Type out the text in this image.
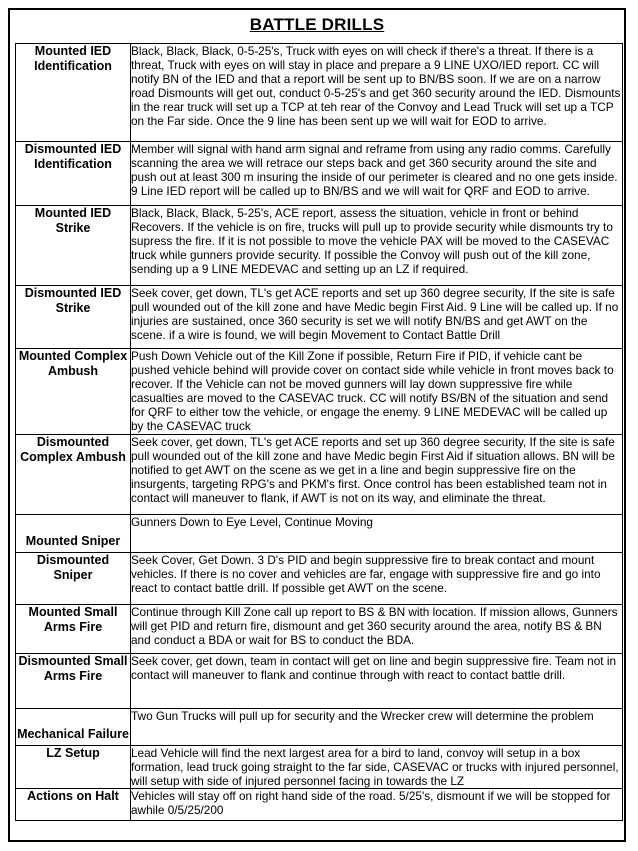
BATTLE DRILLS
Mounted IED Identification	Black, Black, Black, 0-5-25's, Truck with eyes on will check if there's a threat. If there is a threat, Truck with eyes on will stay in place and prepare a 9 LINE UXO/IED report. CC will notify BN of the IED and that a report will be sent up to BN/BS soon. If we are on a narrow road Dismounts will get out, conduct 0-5-25's and get 360 security around the IED. Dismounts in the rear truck will set up a TCP at teh rear of the Convoy and Lead Truck will set up a TCP on the Far side. Once the 9 line has been sent up we will wait for EOD to arrive.
Dismounted IED Identification	Member will signal with hand arm signal and reframe from using any radio comms. Carefully scanning the area we will retrace our steps back and get 360 security around the site and push out at least 300 m insuring the inside of our perimeter is cleared and no one gets inside. 9 Line IED report will be called up to BN/BS and we will wait for QRF and EOD to arrive.
Mounted IED Strike	Black, Black, Black, 5-25's, ACE report, assess the situation, vehicle in front or behind Recovers. If the vehicle is on fire, trucks will pull up to provide security while dismounts try to supress the fire. If it is not possible to move the vehicle PAX will be moved to the CASEVAC truck while gunners provide security. If possible the Convoy will push out of the kill zone, sending up a 9 LINE MEDEVAC and setting up an LZ if required.
Dismounted IED Strike	Seek cover, get down, TL's get ACE reports and set up 360 degree security, If the site is safe pull wounded out of the kill zone and have Medic begin First Aid. 9 Line will be called up. If no injuries are sustained, once 360 security is set we will notify BN/BS and get AWT on the scene. if a wire is found, we will begin Movement to Contact Battle Drill
Mounted Complex Ambush	Push Down Vehicle out of the Kill Zone if possible, Return Fire if PID, if vehicle cant be pushed vehicle behind will provide cover on contact side while vehicle in front moves back to recover. If the Vehicle can not be moved gunners will lay down suppressive fire while casualties are moved to the CASEVAC truck. CC will notify BS/BN of the situation and send for QRF to either tow the vehicle, or engage the enemy. 9 LINE MEDEVAC will be called up by the CASEVAC truck
Dismounted Complex Ambush	Seek cover, get down, TL's get ACE reports and set up 360 degree security, If the site is safe pull wounded out of the kill zone and have Medic begin First Aid if situation allows. BN will be notified to get AWT on the scene as we get in a line and begin suppressive fire on the insurgents, targeting RPG's and PKM's first. Once control has been established team not in contact will maneuver to flank, if AWT is not on its way, and eliminate the threat.
Mounted Sniper	Gunners Down to Eye Level, Continue Moving
Dismounted Sniper	Seek Cover, Get Down. 3 D's PID and begin suppressive fire to break contact and mount vehicles. If there is no cover and vehicles are far, engage with suppressive fire and go into react to contact battle drill. If possible get AWT on the scene.
Mounted Small Arms Fire	Continue through Kill Zone call up report to BS & BN with location. If mission allows, Gunners will get PID and return fire, dismount and get 360 security around the area, notify BS & BN and conduct a BDA or wait for BS to conduct the BDA.
Dismounted Small Arms Fire	Seek cover, get down, team in contact will get on line and begin suppressive fire. Team not in contact will maneuver to flank and continue through with react to contact battle drill.
Mechanical Failure	Two Gun Trucks will pull up for security and the Wrecker crew will determine the problem
LZ Setup	Lead Vehicle will find the next largest area for a bird to land, convoy will setup in a box formation, lead truck going straight to the far side, CASEVAC or trucks with injured personnel, will setup with side of injured personnel facing in towards the LZ
Actions on Halt	Vehicles will stay off on right hand side of the road. 5/25's, dismount if we will be stopped for awhile 0/5/25/200
